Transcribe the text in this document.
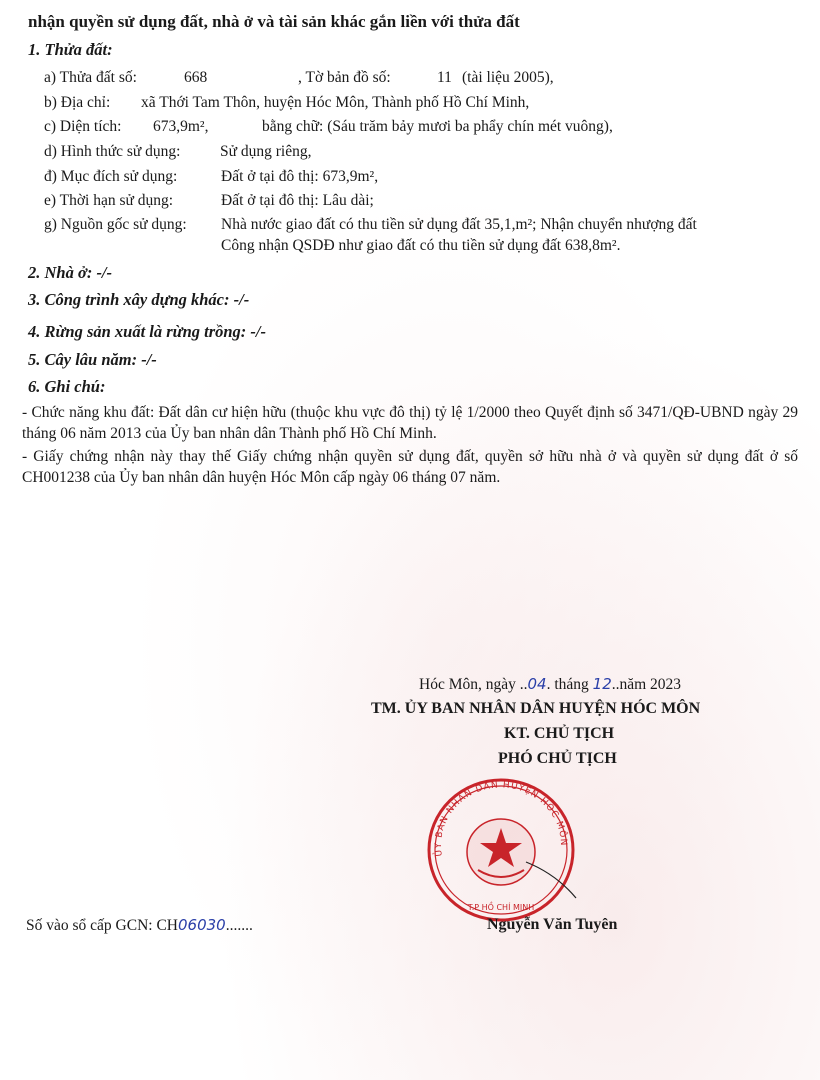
nhận quyền sử dụng đất, nhà ở và tài sản khác gắn liền với thửa đất
1. Thửa đất:
a) Thửa đất số:	668	, Tờ bản đồ số:	11 (tài liệu 2005),
b) Địa chỉ: xã Thới Tam Thôn, huyện Hóc Môn, Thành phố Hồ Chí Minh,
c) Diện tích: 673,9m²,	bằng chữ: (Sáu trăm bảy mươi ba phẩy chín mét vuông),
d) Hình thức sử dụng:	Sử dụng riêng,
đ) Mục đích sử dụng:	Đất ở tại đô thị: 673,9m²,
e) Thời hạn sử dụng:	Đất ở tại đô thị: Lâu dài;
g) Nguồn gốc sử dụng: Nhà nước giao đất có thu tiền sử dụng đất 35,1,m²; Nhận chuyển nhượng đất
Công nhận QSDĐ như giao đất có thu tiền sử dụng đất 638,8m².
2. Nhà ở: -/-
3. Công trình xây dựng khác: -/-
4. Rừng sản xuất là rừng trồng: -/-
5. Cây lâu năm: -/-
6. Ghi chú:
- Chức năng khu đất: Đất dân cư hiện hữu (thuộc khu vực đô thị) tỷ lệ 1/2000 theo Quyết định số 3471/QĐ-UBND ngày 29 tháng 06 năm 2013 của Ủy ban nhân dân Thành phố Hồ Chí Minh.
- Giấy chứng nhận này thay thế Giấy chứng nhận quyền sử dụng đất, quyền sở hữu nhà ở và quyền sử dụng đất ở số CH001238 của Ủy ban nhân dân huyện Hóc Môn cấp ngày 06 tháng 07 năm.
Hóc Môn, ngày ..04. tháng 12..năm 2023
TM. ỦY BAN NHÂN DÂN HUYỆN HÓC MÔN
KT. CHỦ TỊCH
PHÓ CHỦ TỊCH
ỦY BAN NHÂN DÂN HUYỆN HÓC MÔN
T.P HỒ CHÍ MINH
Nguyễn Văn Tuyên
Số vào sổ cấp GCN: CH06030.......
